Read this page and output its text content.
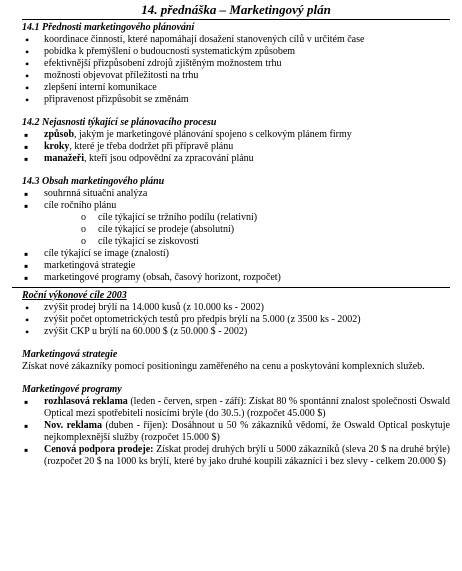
14. přednáška – Marketingový plán
14.1 Přednosti marketingového plánování
• koordinace činností, které napomáhají dosažení stanovených cílů v určitém čase
• pobídka k přemýšlení o budoucnosti systematickým způsobem
• efektivnější přizpůsobení zdrojů zjištěným možnostem trhu
• možnosti objevovat příležitosti na trhu
• zlepšení interní komunikace
• připravenost přizpůsobit se změnám
14.2 Nejasnosti týkající se plánovacího procesu
▪ způsob, jakým je marketingové plánování spojeno s celkovým plánem firmy
▪ kroky, které je třeba dodržet při přípravě plánu
▪ manažeři, kteří jsou odpovědní za zpracování plánu
14.3 Obsah marketingového plánu
▪ souhrnná situační analýza
▪ cíle ročního plánu
o cíle týkající se tržního podílu (relativní)
o cíle týkající se prodeje (absolutní)
o cíle týkající se ziskovosti
▪ cíle týkající se image (znalostí)
▪ marketingová strategie
▪ marketingové programy (obsah, časový horizont, rozpočet)
Roční výkonové cíle 2003
• zvýšit prodej brýlí na 14.000 kusů (z 10.000 ks - 2002)
• zvýšit počet optometrických testů pro předpis brýlí na 5.000 (z 3500 ks - 2002)
• zvýšit CKP u brýlí na 60.000 $ (z 50.000 $ - 2002)
Marketingová strategie
Získat nové zákazníky pomocí positioningu zaměřeného na cenu a poskytování komplexních služeb.
Marketingové programy
▪ rozhlasová reklama (leden - červen, srpen - září): Získat 80 % spontánní znalost společnosti Oswald Optical mezi spotřebiteli nosícími brýle (do 30.5.) (rozpočet 45.000 $)
▪ Nov. reklama (duben - říjen): Dosáhnout u 50 % zákazníků vědomí, že Oswald Optical poskytuje nejkomplexnější služby (rozpočet 15.000 $)
▪ Cenová podpora prodeje: Získat prodej druhých brýlí u 5000 zákazníků (sleva 20 $ na druhé brýle) (rozpočet 20 $ na 1000 ks brýlí, které by jako druhé koupili zákazníci i bez slevy - celkem 20.000 $)
